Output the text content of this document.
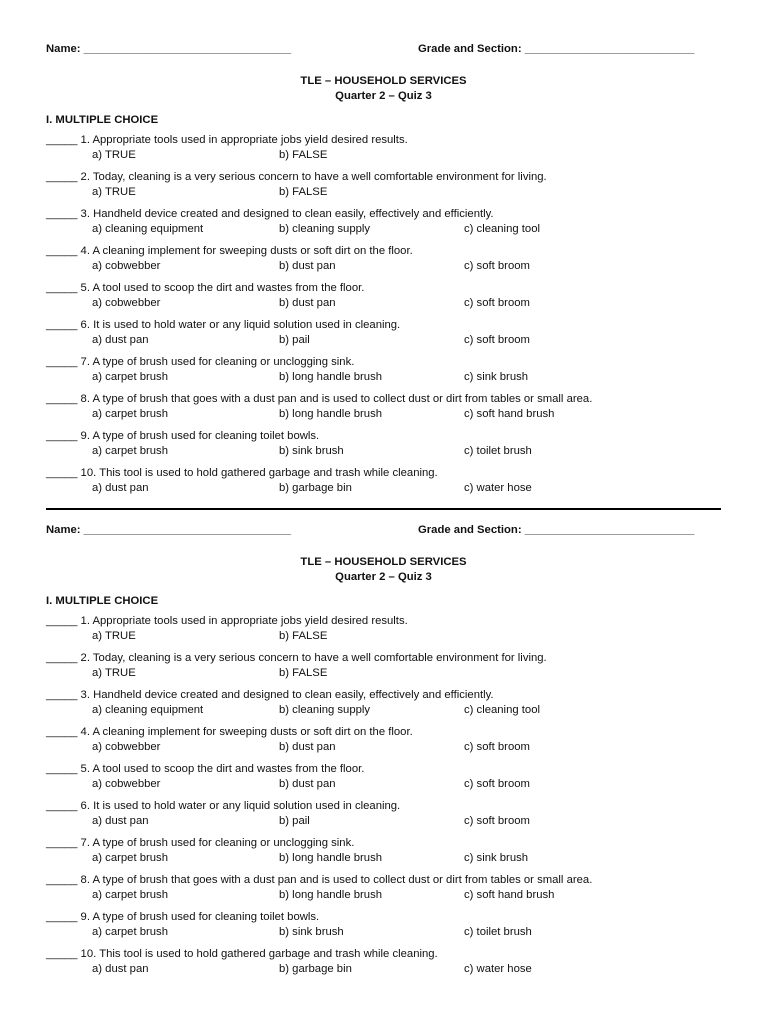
Name: _________________________________	Grade and Section: ___________________________
TLE – HOUSEHOLD SERVICES
Quarter 2 – Quiz 3
I. MULTIPLE CHOICE
_____ 1. Appropriate tools used in appropriate jobs yield desired results.
a) TRUE	b) FALSE
_____ 2. Today, cleaning is a very serious concern to have a well comfortable environment for living.
a) TRUE	b) FALSE
_____ 3. Handheld device created and designed to clean easily, effectively and efficiently.
a) cleaning equipment	b) cleaning supply	c) cleaning tool
_____ 4. A cleaning implement for sweeping dusts or soft dirt on the floor.
a) cobwebber	b) dust pan	c) soft broom
_____ 5. A tool used to scoop the dirt and wastes from the floor.
a) cobwebber	b) dust pan	c) soft broom
_____ 6. It is used to hold water or any liquid solution used in cleaning.
a) dust pan	b) pail	c) soft broom
_____ 7. A type of brush used for cleaning or unclogging sink.
a) carpet brush	b) long handle brush	c) sink brush
_____ 8. A type of brush that goes with a dust pan and is used to collect dust or dirt from tables or small area.
a) carpet brush	b) long handle brush	c) soft hand brush
_____ 9. A type of brush used for cleaning toilet bowls.
a) carpet brush	b) sink brush	c) toilet brush
_____ 10. This tool is used to hold gathered garbage and trash while cleaning.
a) dust pan	b) garbage bin	c) water hose
Name: _________________________________	Grade and Section: ___________________________
TLE – HOUSEHOLD SERVICES
Quarter 2 – Quiz 3
I. MULTIPLE CHOICE
_____ 1. Appropriate tools used in appropriate jobs yield desired results.
a) TRUE	b) FALSE
_____ 2. Today, cleaning is a very serious concern to have a well comfortable environment for living.
a) TRUE	b) FALSE
_____ 3. Handheld device created and designed to clean easily, effectively and efficiently.
a) cleaning equipment	b) cleaning supply	c) cleaning tool
_____ 4. A cleaning implement for sweeping dusts or soft dirt on the floor.
a) cobwebber	b) dust pan	c) soft broom
_____ 5. A tool used to scoop the dirt and wastes from the floor.
a) cobwebber	b) dust pan	c) soft broom
_____ 6. It is used to hold water or any liquid solution used in cleaning.
a) dust pan	b) pail	c) soft broom
_____ 7. A type of brush used for cleaning or unclogging sink.
a) carpet brush	b) long handle brush	c) sink brush
_____ 8. A type of brush that goes with a dust pan and is used to collect dust or dirt from tables or small area.
a) carpet brush	b) long handle brush	c) soft hand brush
_____ 9. A type of brush used for cleaning toilet bowls.
a) carpet brush	b) sink brush	c) toilet brush
_____ 10. This tool is used to hold gathered garbage and trash while cleaning.
a) dust pan	b) garbage bin	c) water hose
